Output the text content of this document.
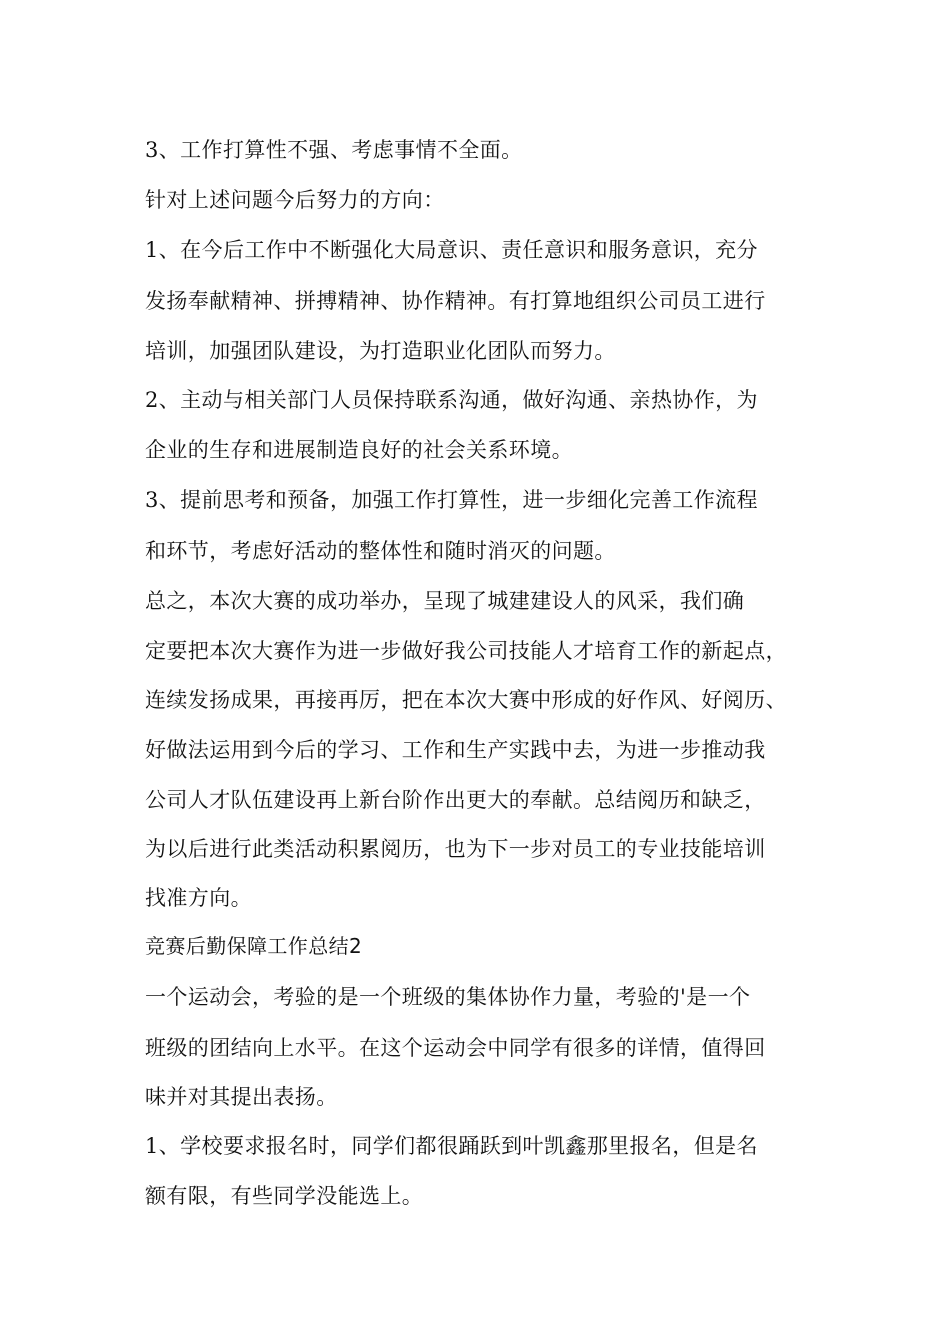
3、工作打算性不强、考虑事情不全面。
针对上述问题今后努力的方向：
1、在今后工作中不断强化大局意识、责任意识和服务意识，充分
发扬奉献精神、拼搏精神、协作精神。有打算地组织公司员工进行
培训，加强团队建设，为打造职业化团队而努力。
2、主动与相关部门人员保持联系沟通，做好沟通、亲热协作，为
企业的生存和进展制造良好的社会关系环境。
3、提前思考和预备，加强工作打算性，进一步细化完善工作流程
和环节，考虑好活动的整体性和随时消灭的问题。
总之，本次大赛的成功举办，呈现了城建建设人的风采，我们确
定要把本次大赛作为进一步做好我公司技能人才培育工作的新起点，
连续发扬成果，再接再厉，把在本次大赛中形成的好作风、好阅历、
好做法运用到今后的学习、工作和生产实践中去，为进一步推动我
公司人才队伍建设再上新台阶作出更大的奉献。总结阅历和缺乏，
为以后进行此类活动积累阅历，也为下一步对员工的专业技能培训
找准方向。
竞赛后勤保障工作总结2
一个运动会，考验的是一个班级的集体协作力量，考验的'是一个
班级的团结向上水平。在这个运动会中同学有很多的详情，值得回
味并对其提出表扬。
1、学校要求报名时，同学们都很踊跃到叶凯鑫那里报名，但是名
额有限，有些同学没能选上。
